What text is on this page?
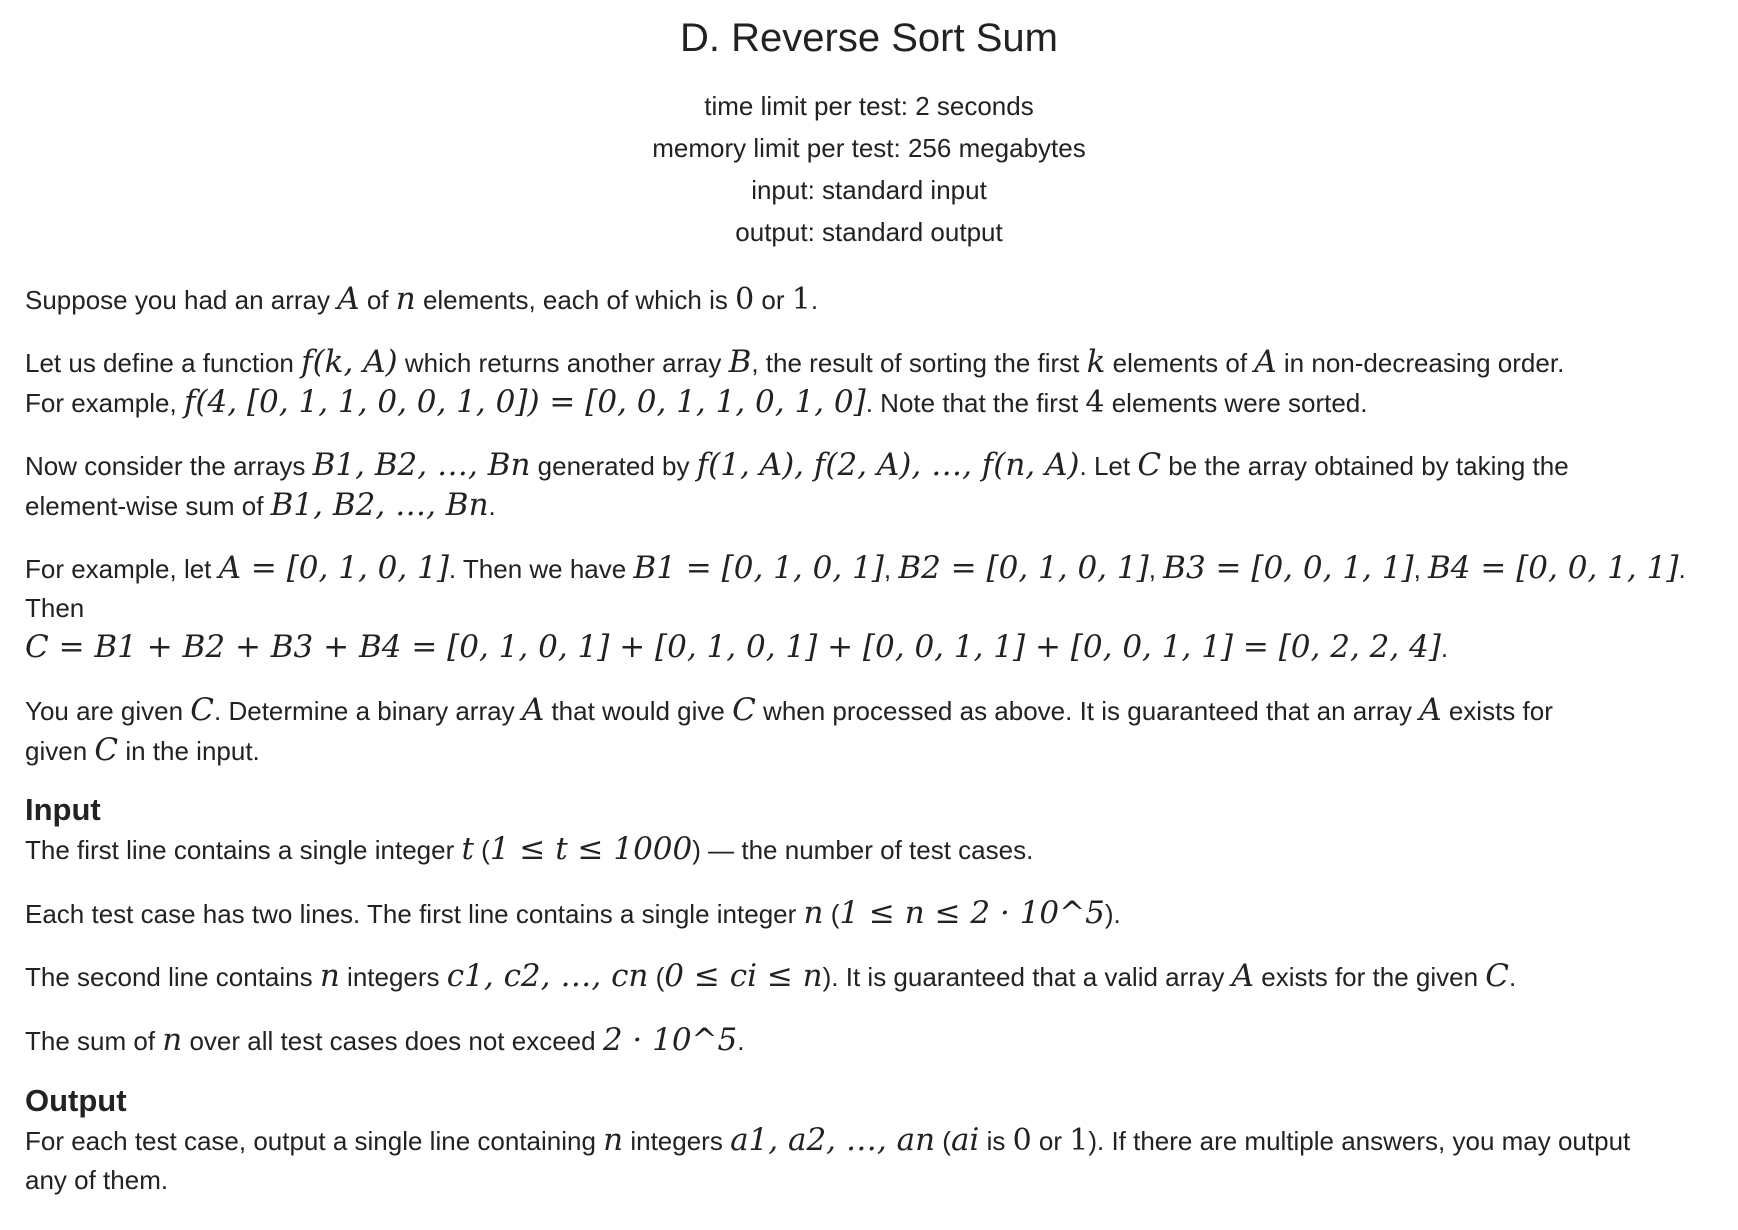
D. Reverse Sort Sum
time limit per test: 2 seconds
memory limit per test: 256 megabytes
input: standard input
output: standard output

Suppose you had an array A of n elements, each of which is 0 or 1.

Let us define a function f(k, A) which returns another array B, the result of sorting the first k elements of A in non-decreasing order.
For example, f(4, [0, 1, 1, 0, 0, 1, 0]) = [0, 0, 1, 1, 0, 1, 0]. Note that the first 4 elements were sorted.

Now consider the arrays B1, B2, …, Bn generated by f(1, A), f(2, A), …, f(n, A). Let C be the array obtained by taking the
element-wise sum of B1, B2, …, Bn.

For example, let A = [0, 1, 0, 1]. Then we have B1 = [0, 1, 0, 1], B2 = [0, 1, 0, 1], B3 = [0, 0, 1, 1], B4 = [0, 0, 1, 1]. Then
C = B1 + B2 + B3 + B4 = [0, 1, 0, 1] + [0, 1, 0, 1] + [0, 0, 1, 1] + [0, 0, 1, 1] = [0, 2, 2, 4].

You are given C. Determine a binary array A that would give C when processed as above. It is guaranteed that an array A exists for
given C in the input.

Input

The first line contains a single integer t (1 ≤ t ≤ 1000) — the number of test cases.

Each test case has two lines. The first line contains a single integer n (1 ≤ n ≤ 2 · 10^5).

The second line contains n integers c1, c2, …, cn (0 ≤ ci ≤ n). It is guaranteed that a valid array A exists for the given C.

The sum of n over all test cases does not exceed 2 · 10^5.

Output

For each test case, output a single line containing n integers a1, a2, …, an (ai is 0 or 1). If there are multiple answers, you may output
any of them.
